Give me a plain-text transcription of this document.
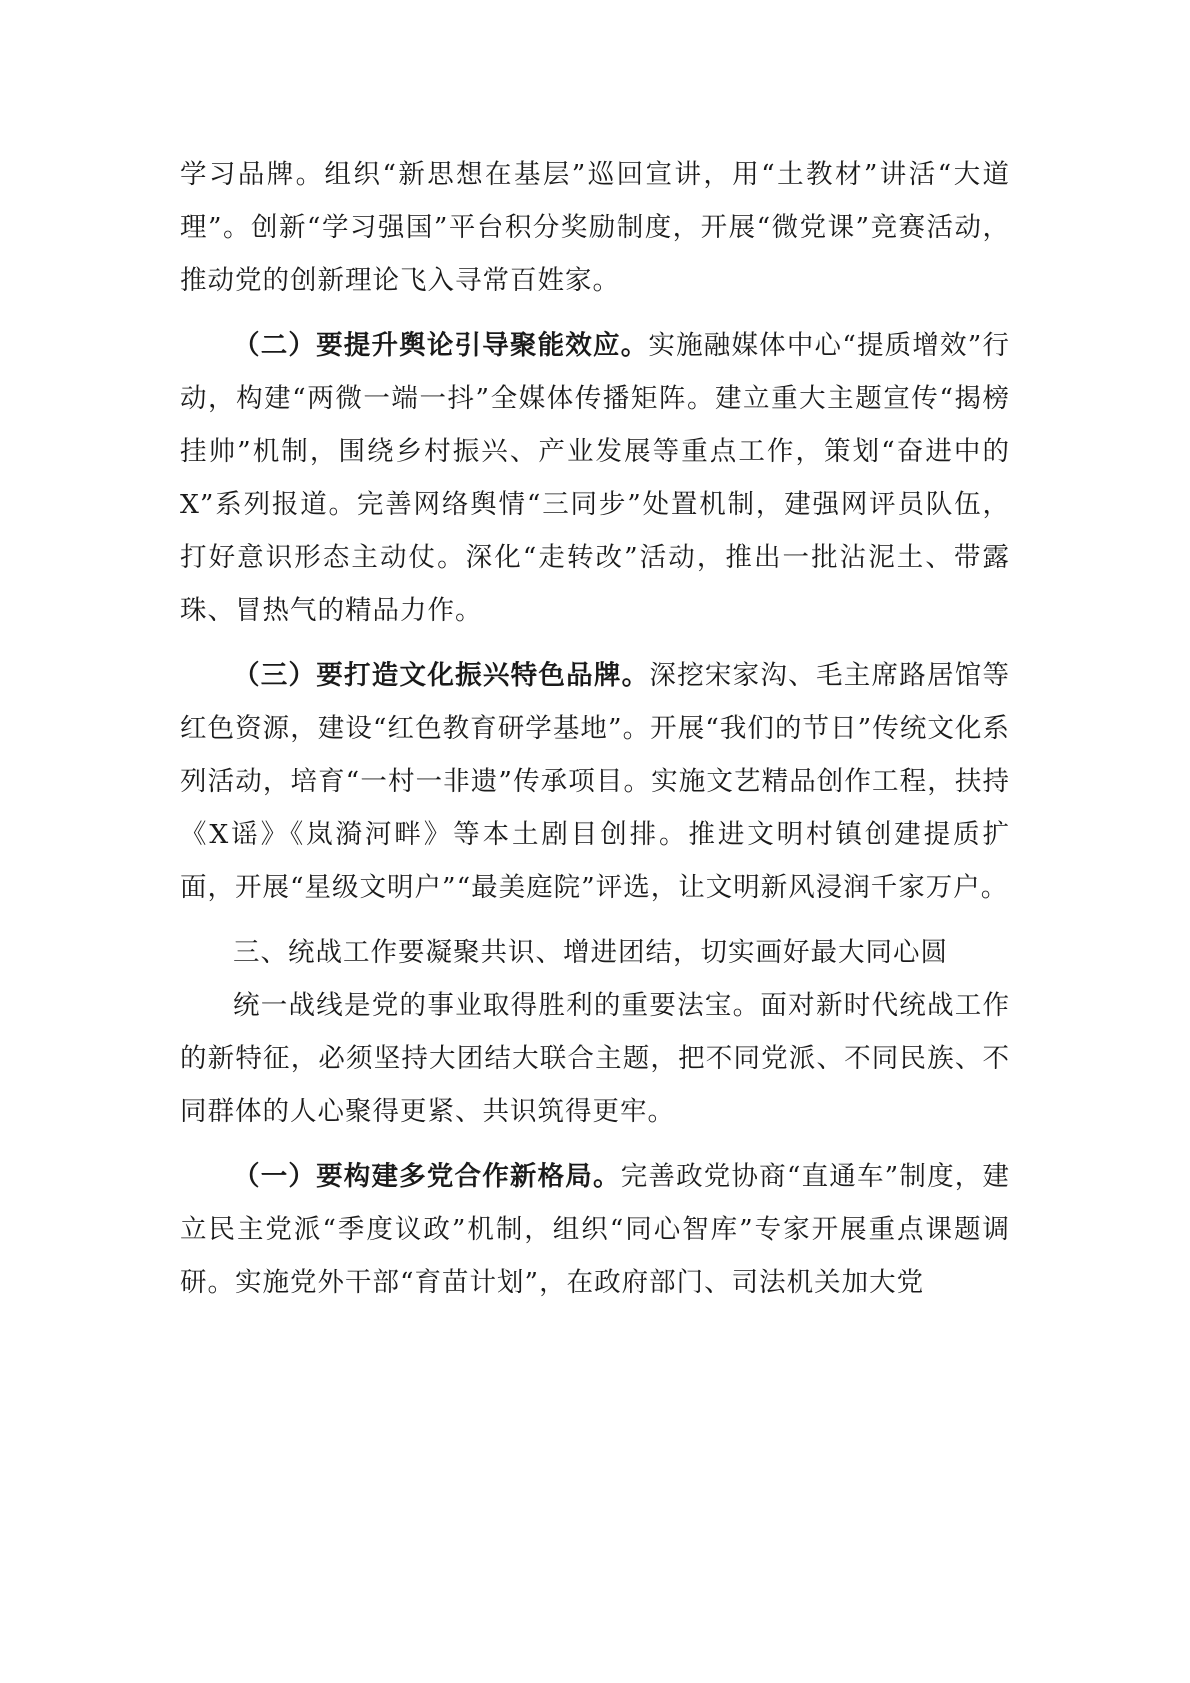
学习品牌。组织“新思想在基层”巡回宣讲，用“土教材”讲活“大道理”。创新“学习强国”平台积分奖励制度，开展“微党课”竞赛活动，推动党的创新理论飞入寻常百姓家。

（二）要提升舆论引导聚能效应。实施融媒体中心“提质增效”行动，构建“两微一端一抖”全媒体传播矩阵。建立重大主题宣传“揭榜挂帅”机制，围绕乡村振兴、产业发展等重点工作，策划“奋进中的X”系列报道。完善网络舆情“三同步”处置机制，建强网评员队伍，打好意识形态主动仗。深化“走转改”活动，推出一批沾泥土、带露珠、冒热气的精品力作。

（三）要打造文化振兴特色品牌。深挖宋家沟、毛主席路居馆等红色资源，建设“红色教育研学基地”。开展“我们的节日”传统文化系列活动，培育“一村一非遗”传承项目。实施文艺精品创作工程，扶持《X谣》《岚漪河畔》等本土剧目创排。推进文明村镇创建提质扩面，开展“星级文明户”“最美庭院”评选，让文明新风浸润千家万户。

三、统战工作要凝聚共识、增进团结，切实画好最大同心圆

统一战线是党的事业取得胜利的重要法宝。面对新时代统战工作的新特征，必须坚持大团结大联合主题，把不同党派、不同民族、不同群体的人心聚得更紧、共识筑得更牢。

（一）要构建多党合作新格局。完善政党协商“直通车”制度，建立民主党派“季度议政”机制，组织“同心智库”专家开展重点课题调研。实施党外干部“育苗计划”，在政府部门、司法机关加大党
